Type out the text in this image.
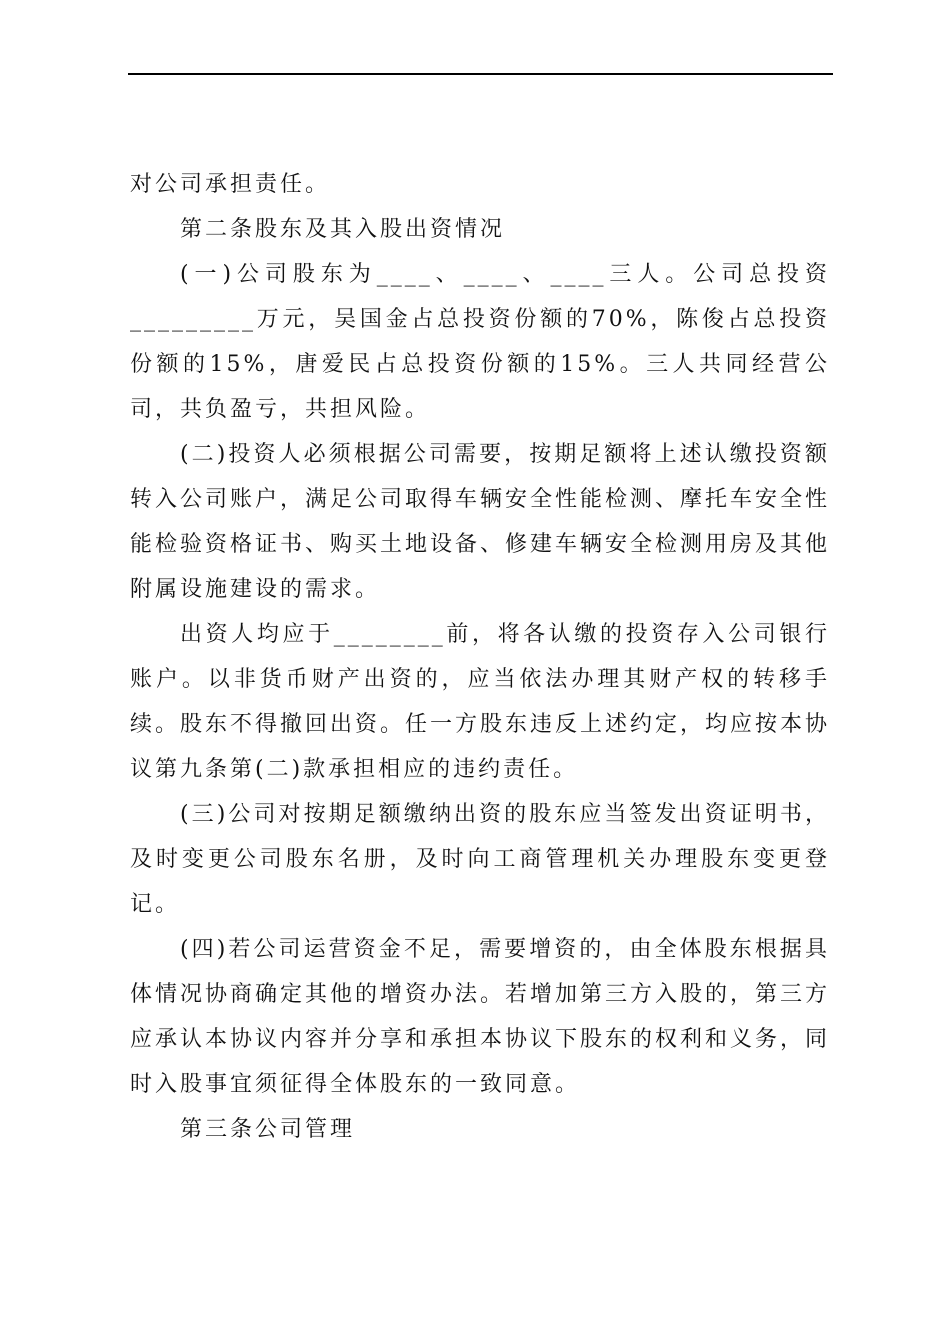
对公司承担责任。

第二条股东及其入股出资情况

(一)公司股东为____、____、____三人。公司总投资_________万元，吴国金占总投资份额的70%，陈俊占总投资份额的15%，唐爱民占总投资份额的15%。三人共同经营公司，共负盈亏，共担风险。

(二)投资人必须根据公司需要，按期足额将上述认缴投资额转入公司账户，满足公司取得车辆安全性能检测、摩托车安全性能检验资格证书、购买土地设备、修建车辆安全检测用房及其他附属设施建设的需求。

出资人均应于________前，将各认缴的投资存入公司银行账户。以非货币财产出资的，应当依法办理其财产权的转移手续。股东不得撤回出资。任一方股东违反上述约定，均应按本协议第九条第(二)款承担相应的违约责任。

(三)公司对按期足额缴纳出资的股东应当签发出资证明书，及时变更公司股东名册，及时向工商管理机关办理股东变更登记。

(四)若公司运营资金不足，需要增资的，由全体股东根据具体情况协商确定其他的增资办法。若增加第三方入股的，第三方应承认本协议内容并分享和承担本协议下股东的权利和义务，同时入股事宜须征得全体股东的一致同意。

第三条公司管理
